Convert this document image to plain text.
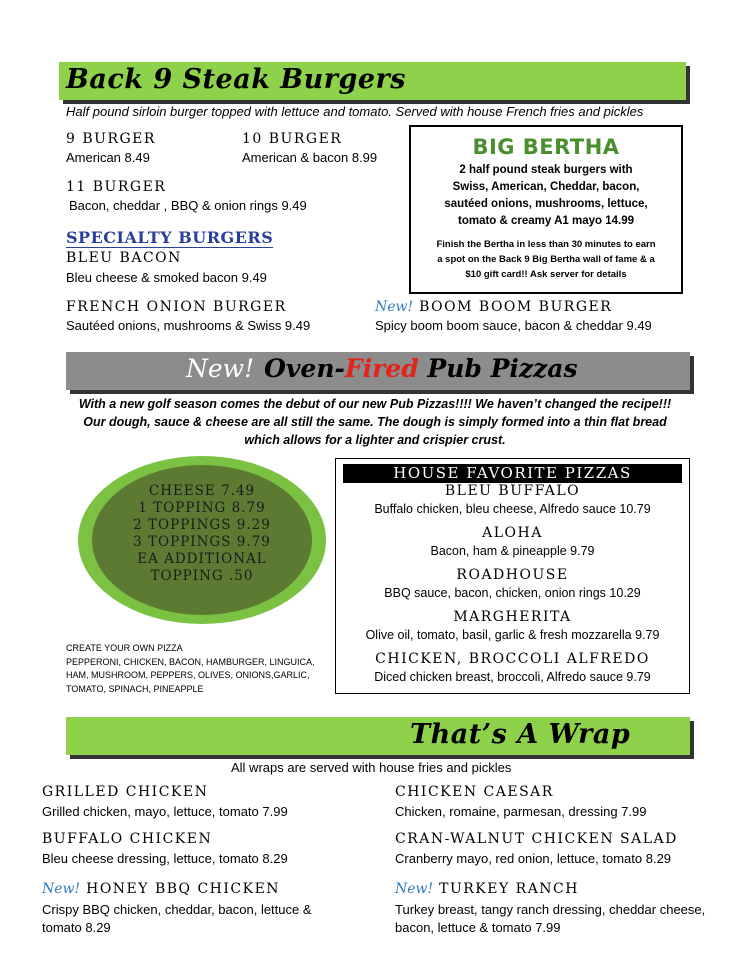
Back 9 Steak Burgers
Half pound sirloin burger topped with lettuce and tomato. Served with house French fries and pickles
9 BURGER
American 8.49
10 BURGER
American & bacon 8.99
11 BURGER
Bacon, cheddar , BBQ & onion rings 9.49
SPECIALTY BURGERS
BLEU BACON
Bleu cheese & smoked bacon 9.49
FRENCH ONION BURGER
Sautéed onions, mushrooms & Swiss 9.49
New! BOOM BOOM BURGER
Spicy boom boom sauce, bacon & cheddar 9.49
BIG BERTHA
2 half pound steak burgers with
Swiss, American, Cheddar, bacon,
sautéed onions, mushrooms, lettuce,
tomato & creamy A1 mayo 14.99
Finish the Bertha in less than 30 minutes to earn
a spot on the Back 9 Big Bertha wall of fame & a
$10 gift card!! Ask server for details
New! Oven-Fired Pub Pizzas
With a new golf season comes the debut of our new Pub Pizzas!!!! We haven’t changed the recipe!!!
Our dough, sauce & cheese are all still the same. The dough is simply formed into a thin flat bread
which allows for a lighter and crispier crust.
CHEESE 7.49
1 TOPPING 8.79
2 TOPPINGS 9.29
3 TOPPINGS 9.79
EA ADDITIONAL
TOPPING .50
CREATE YOUR OWN PIZZA
PEPPERONI, CHICKEN, BACON, HAMBURGER, LINGUICA,
HAM, MUSHROOM, PEPPERS, OLIVES, ONIONS,GARLIC,
TOMATO, SPINACH, PINEAPPLE
HOUSE FAVORITE PIZZAS
BLEU BUFFALO
Buffalo chicken, bleu cheese, Alfredo sauce 10.79
ALOHA
Bacon, ham & pineapple 9.79
ROADHOUSE
BBQ sauce, bacon, chicken, onion rings 10.29
MARGHERITA
Olive oil, tomato, basil, garlic & fresh mozzarella 9.79
CHICKEN, BROCCOLI ALFREDO
Diced chicken breast, broccoli, Alfredo sauce 9.79
That’s A Wrap
All wraps are served with house fries and pickles
GRILLED CHICKEN
Grilled chicken, mayo, lettuce, tomato 7.99
CHICKEN CAESAR
Chicken, romaine, parmesan, dressing 7.99
BUFFALO CHICKEN
Bleu cheese dressing, lettuce, tomato 8.29
CRAN-WALNUT CHICKEN SALAD
Cranberry mayo, red onion, lettuce, tomato 8.29
New! HONEY BBQ CHICKEN
Crispy BBQ chicken, cheddar, bacon, lettuce &
tomato 8.29
New! TURKEY RANCH
Turkey breast, tangy ranch dressing, cheddar cheese,
bacon, lettuce & tomato 7.99
